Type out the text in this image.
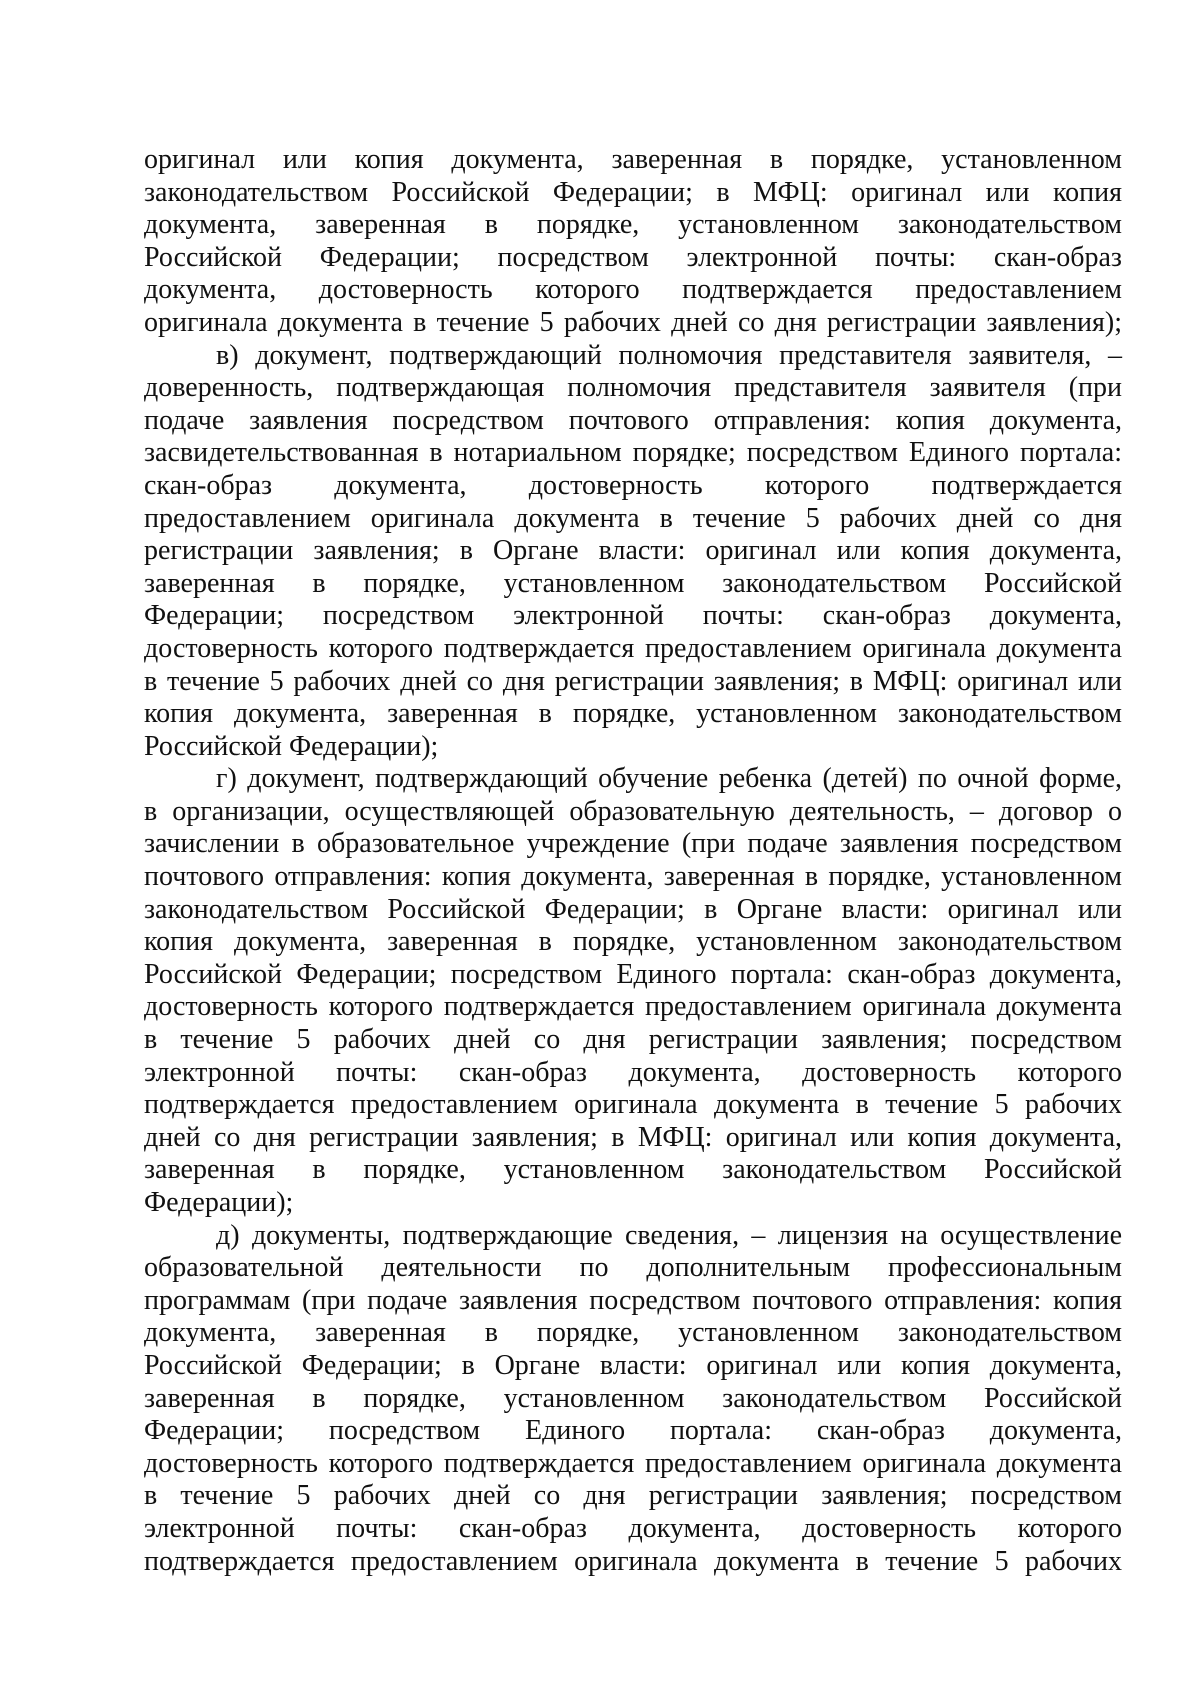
оригинал или копия документа, заверенная в порядке, установленном
законодательством Российской Федерации; в МФЦ: оригинал или копия
документа, заверенная в порядке, установленном законодательством
Российской Федерации; посредством электронной почты: скан-образ
документа, достоверность которого подтверждается предоставлением
оригинала документа в течение 5 рабочих дней со дня регистрации заявления);
в) документ, подтверждающий полномочия представителя заявителя, –
доверенность, подтверждающая полномочия представителя заявителя (при
подаче заявления посредством почтового отправления: копия документа,
засвидетельствованная в нотариальном порядке; посредством Единого портала:
скан-образ документа, достоверность которого подтверждается
предоставлением оригинала документа в течение 5 рабочих дней со дня
регистрации заявления; в Органе власти: оригинал или копия документа,
заверенная в порядке, установленном законодательством Российской
Федерации; посредством электронной почты: скан-образ документа,
достоверность которого подтверждается предоставлением оригинала документа
в течение 5 рабочих дней со дня регистрации заявления; в МФЦ: оригинал или
копия документа, заверенная в порядке, установленном законодательством
Российской Федерации);
г) документ, подтверждающий обучение ребенка (детей) по очной форме,
в организации, осуществляющей образовательную деятельность, – договор о
зачислении в образовательное учреждение (при подаче заявления посредством
почтового отправления: копия документа, заверенная в порядке, установленном
законодательством Российской Федерации; в Органе власти: оригинал или
копия документа, заверенная в порядке, установленном законодательством
Российской Федерации; посредством Единого портала: скан-образ документа,
достоверность которого подтверждается предоставлением оригинала документа
в течение 5 рабочих дней со дня регистрации заявления; посредством
электронной почты: скан-образ документа, достоверность которого
подтверждается предоставлением оригинала документа в течение 5 рабочих
дней со дня регистрации заявления; в МФЦ: оригинал или копия документа,
заверенная в порядке, установленном законодательством Российской
Федерации);
д) документы, подтверждающие сведения, – лицензия на осуществление
образовательной деятельности по дополнительным профессиональным
программам (при подаче заявления посредством почтового отправления: копия
документа, заверенная в порядке, установленном законодательством
Российской Федерации; в Органе власти: оригинал или копия документа,
заверенная в порядке, установленном законодательством Российской
Федерации; посредством Единого портала: скан-образ документа,
достоверность которого подтверждается предоставлением оригинала документа
в течение 5 рабочих дней со дня регистрации заявления; посредством
электронной почты: скан-образ документа, достоверность которого
подтверждается предоставлением оригинала документа в течение 5 рабочих
